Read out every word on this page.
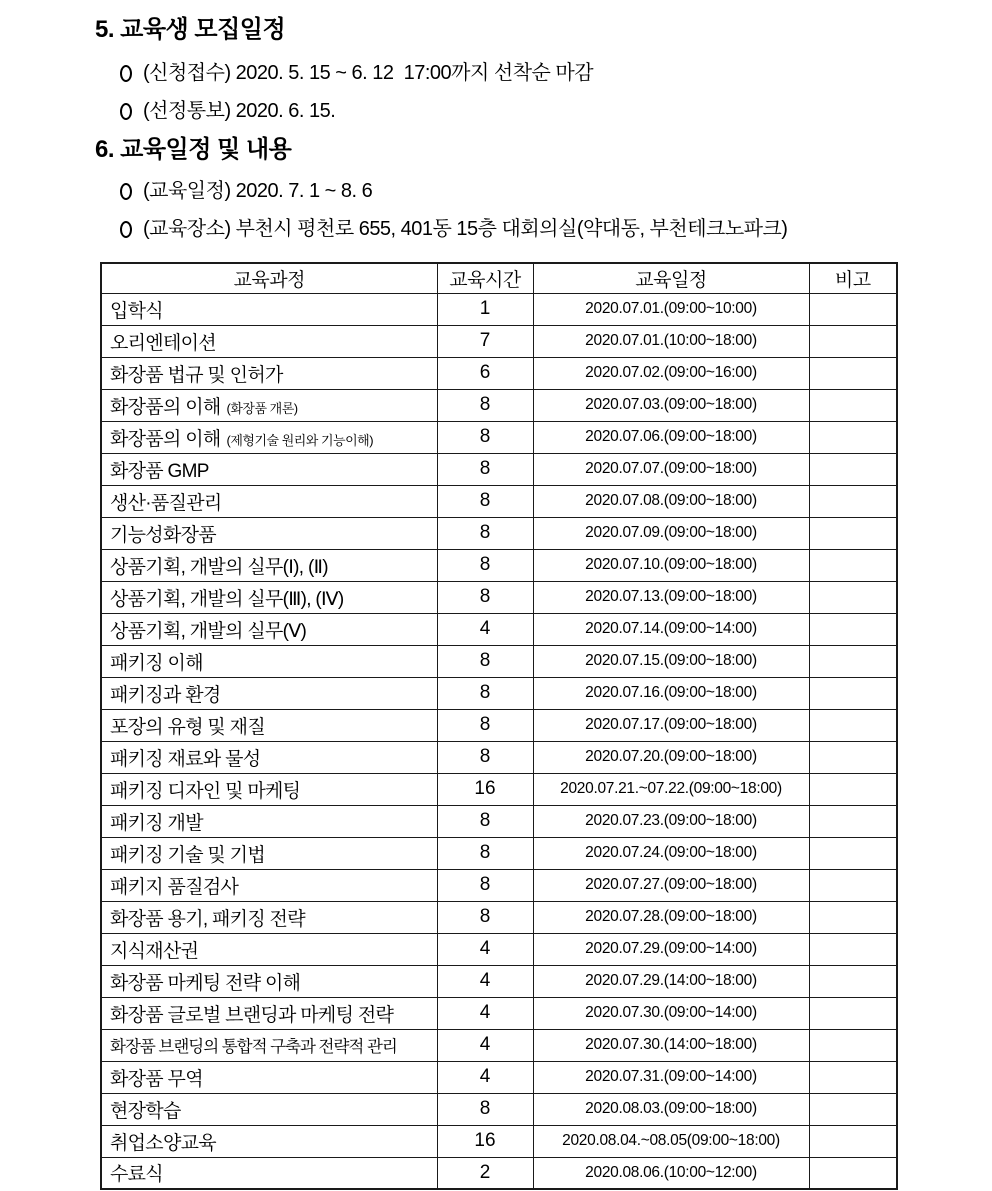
5. 교육생 모집일정
(신청접수) 2020. 5. 15 ~ 6. 12  17:00까지 선착순 마감
(선정통보) 2020. 6. 15.
6. 교육일정 및 내용
(교육일정) 2020. 7. 1 ~ 8. 6
(교육장소) 부천시 평천로 655, 401동 15층 대회의실(약대동, 부천테크노파크)
교육과정	교육시간	교육일정	비고
입학식	1	2020.07.01.(09:00~10:00)	
오리엔테이션	7	2020.07.01.(10:00~18:00)	
화장품 법규 및 인허가	6	2020.07.02.(09:00~16:00)	
화장품의 이해 (화장품 개론)	8	2020.07.03.(09:00~18:00)	
화장품의 이해 (제형기술 원리와 기능이해)	8	2020.07.06.(09:00~18:00)	
화장품 GMP	8	2020.07.07.(09:00~18:00)	
생산·품질관리	8	2020.07.08.(09:00~18:00)	
기능성화장품	8	2020.07.09.(09:00~18:00)	
상품기획, 개발의 실무(Ⅰ), (Ⅱ)	8	2020.07.10.(09:00~18:00)	
상품기획, 개발의 실무(Ⅲ), (Ⅳ)	8	2020.07.13.(09:00~18:00)	
상품기획, 개발의 실무(Ⅴ)	4	2020.07.14.(09:00~14:00)	
패키징 이해	8	2020.07.15.(09:00~18:00)	
패키징과 환경	8	2020.07.16.(09:00~18:00)	
포장의 유형 및 재질	8	2020.07.17.(09:00~18:00)	
패키징 재료와 물성	8	2020.07.20.(09:00~18:00)	
패키징 디자인 및 마케팅	16	2020.07.21.~07.22.(09:00~18:00)	
패키징 개발	8	2020.07.23.(09:00~18:00)	
패키징 기술 및 기법	8	2020.07.24.(09:00~18:00)	
패키지 품질검사	8	2020.07.27.(09:00~18:00)	
화장품 용기, 패키징 전략	8	2020.07.28.(09:00~18:00)	
지식재산권	4	2020.07.29.(09:00~14:00)	
화장품 마케팅 전략 이해	4	2020.07.29.(14:00~18:00)	
화장품 글로벌 브랜딩과 마케팅 전략	4	2020.07.30.(09:00~14:00)	
화장품 브랜딩의 통합적 구축과 전략적 관리	4	2020.07.30.(14:00~18:00)	
화장품 무역	4	2020.07.31.(09:00~14:00)	
현장학습	8	2020.08.03.(09:00~18:00)	
취업소양교육	16	2020.08.04.~08.05(09:00~18:00)	
수료식	2	2020.08.06.(10:00~12:00)	
